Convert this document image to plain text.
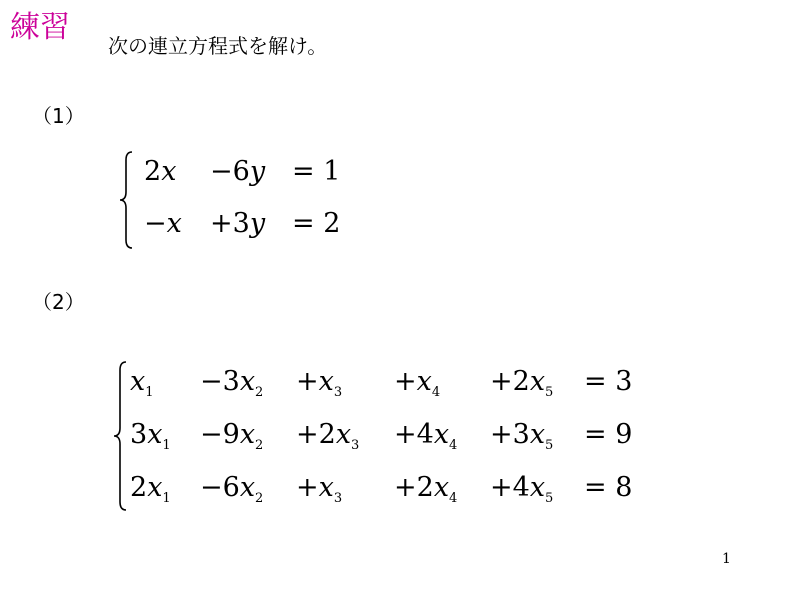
練習
次の連立方程式を解け。
（1）
2x −6y = 1
−x +3y = 2
（2）
$x_1 -3x_2 +x_3 +x_4 +2x_5 = 3$
$3x_1 -9x_2 +2x_3 +4x_4 +3x_5 = 9$
$2x_1 -6x_2 +x_3 +2x_4 +4x_5 = 8$
1
